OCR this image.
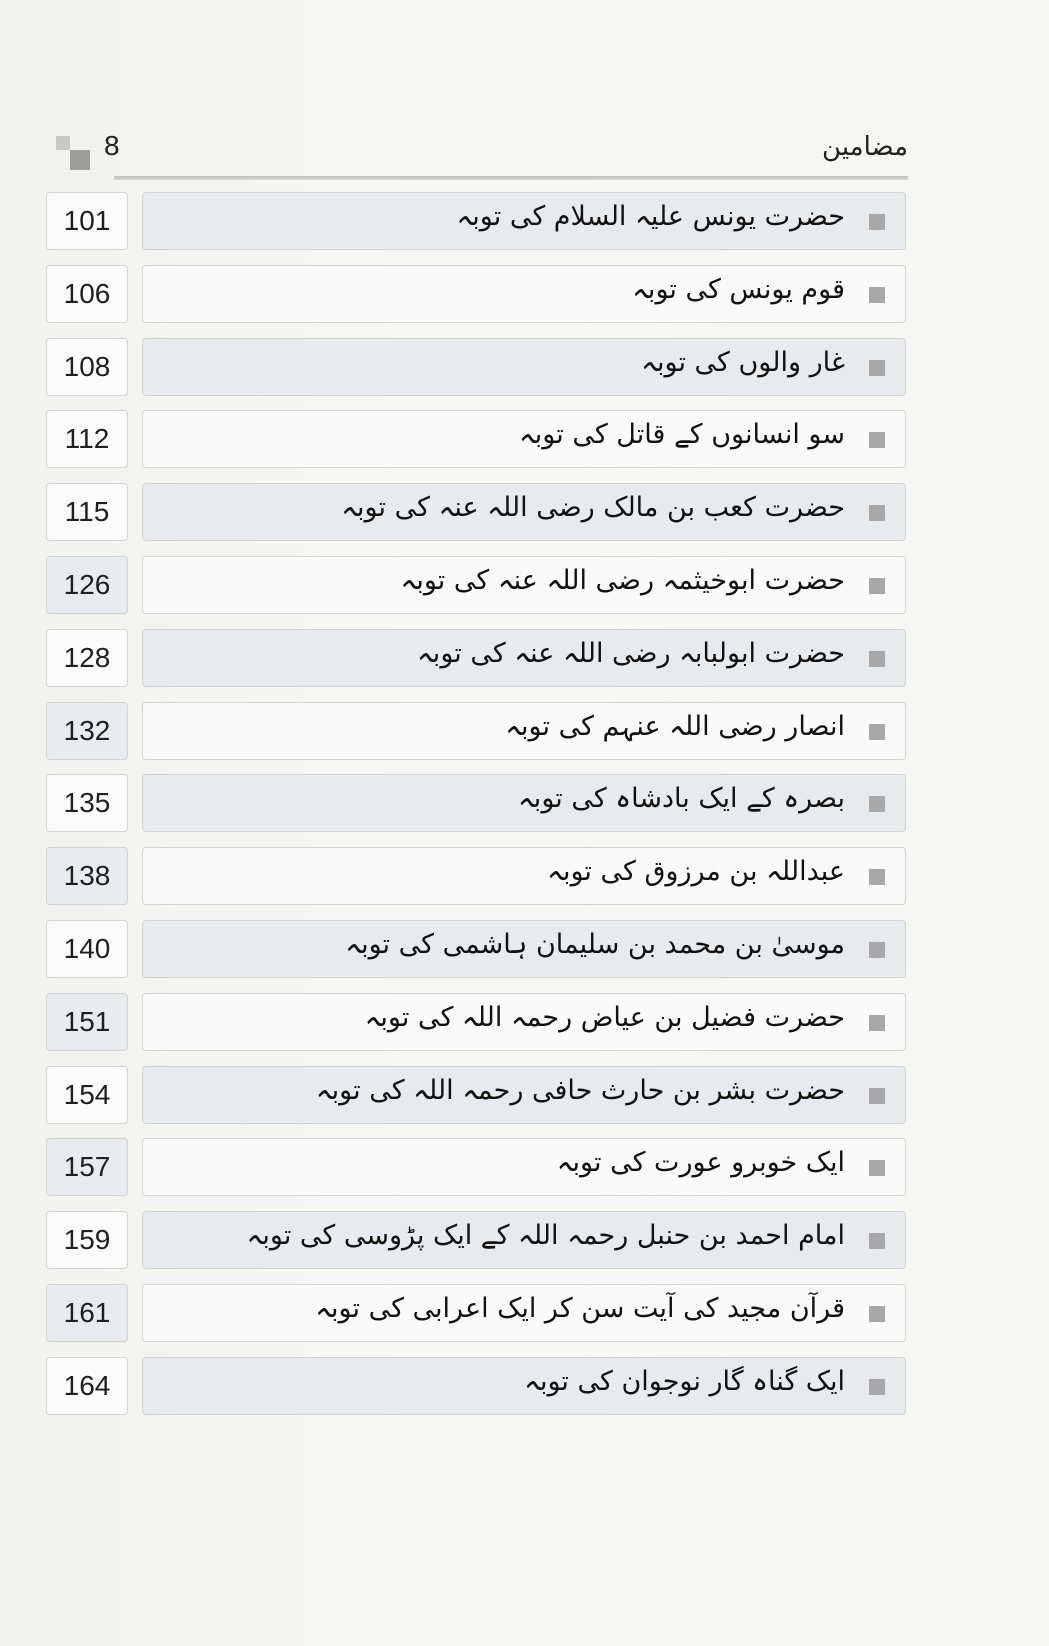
8	مضامین
101	حضرت یونس علیہ السلام کی توبہ
106	قوم یونس کی توبہ
108	غار والوں کی توبہ
112	سو انسانوں کے قاتل کی توبہ
115	حضرت کعب بن مالک رضی اللہ عنہ کی توبہ
126	حضرت ابوخیثمہ رضی اللہ عنہ کی توبہ
128	حضرت ابولبابہ رضی اللہ عنہ کی توبہ
132	انصار رضی اللہ عنہم کی توبہ
135	بصرہ کے ایک بادشاہ کی توبہ
138	عبداللہ بن مرزوق کی توبہ
140	موسیٰ بن محمد بن سلیمان ہاشمی کی توبہ
151	حضرت فضیل بن عیاض رحمہ اللہ کی توبہ
154	حضرت بشر بن حارث حافی رحمہ اللہ کی توبہ
157	ایک خوبرو عورت کی توبہ
159	امام احمد بن حنبل رحمہ اللہ کے ایک پڑوسی کی توبہ
161	قرآن مجید کی آیت سن کر ایک اعرابی کی توبہ
164	ایک گناہ گار نوجوان کی توبہ
